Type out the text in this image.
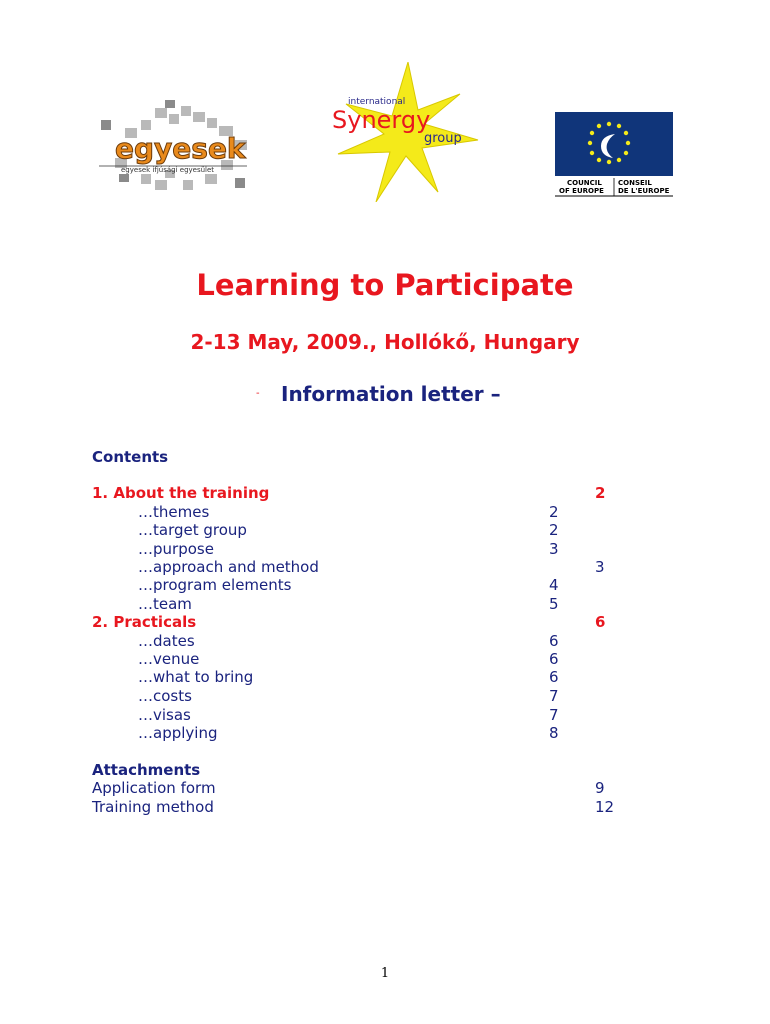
egyesek
egyesek ifjúsági egyesület
international
Synergy
group
COUNCIL
OF EUROPE
CONSEIL
DE L'EUROPE
Learning to Participate
2-13 May, 2009., Hollókő, Hungary
- Information letter –
Contents
1. About the training	2
…themes	2
…target group	2
…purpose	3
…approach and method	3
…program elements	4
…team	5
2. Practicals	6
…dates	6
…venue	6
…what to bring	6
…costs	7
…visas	7
…applying	8
Attachments
Application form	9
Training method	12
1
